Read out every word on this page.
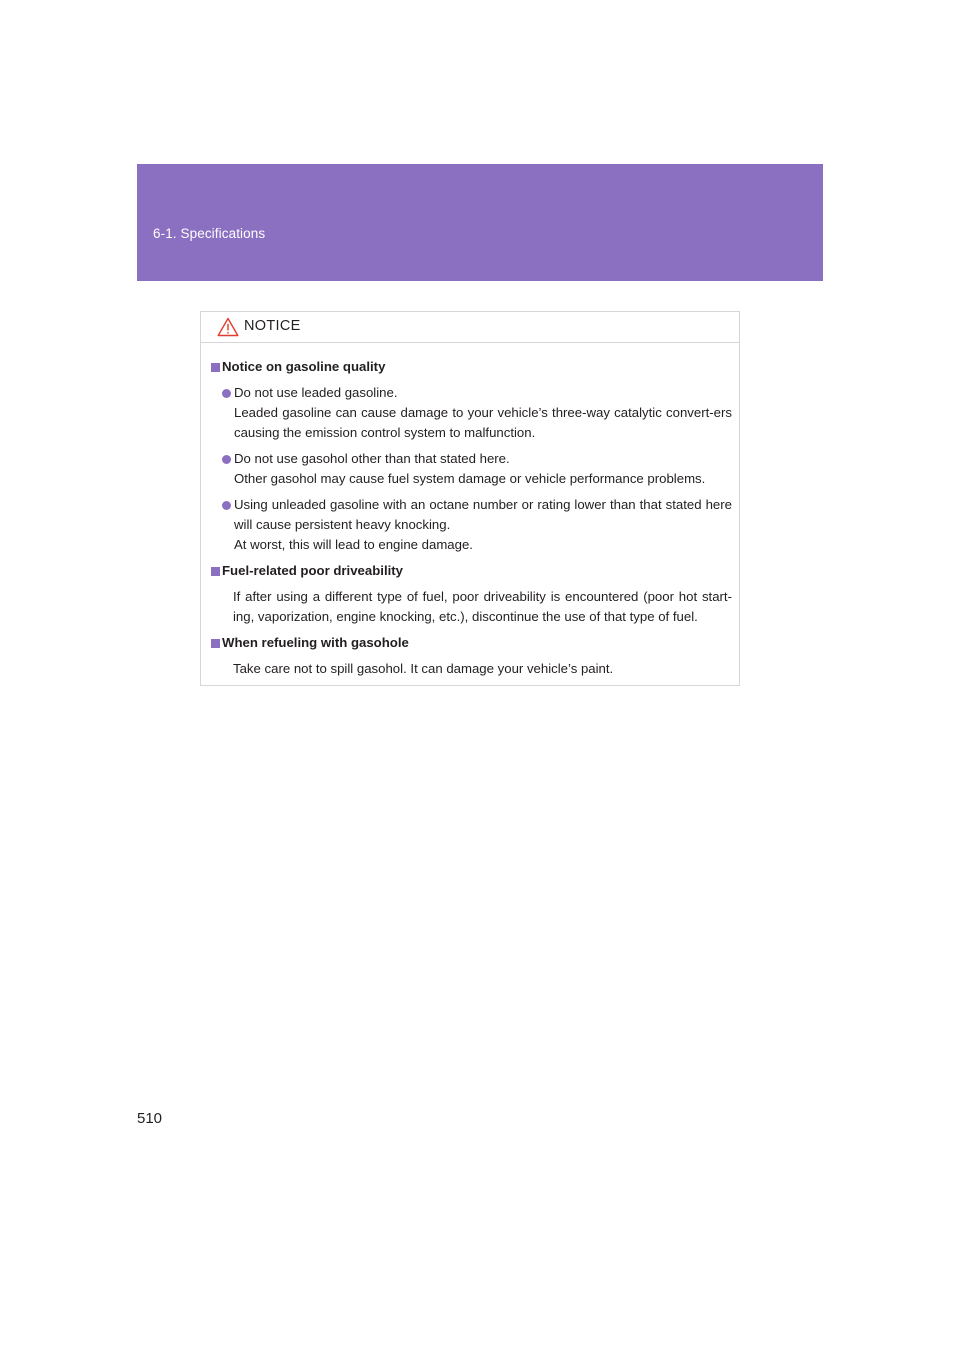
6-1. Specifications
NOTICE
Notice on gasoline quality
Do not use leaded gasoline.
Leaded gasoline can cause damage to your vehicle’s three-way catalytic convert-ers causing the emission control system to malfunction.
Do not use gasohol other than that stated here.
Other gasohol may cause fuel system damage or vehicle performance problems.
Using unleaded gasoline with an octane number or rating lower than that stated here will cause persistent heavy knocking.
At worst, this will lead to engine damage.
Fuel-related poor driveability
If after using a different type of fuel, poor driveability is encountered (poor hot start-ing, vaporization, engine knocking, etc.), discontinue the use of that type of fuel.
When refueling with gasohole
Take care not to spill gasohol. It can damage your vehicle’s paint.
510
